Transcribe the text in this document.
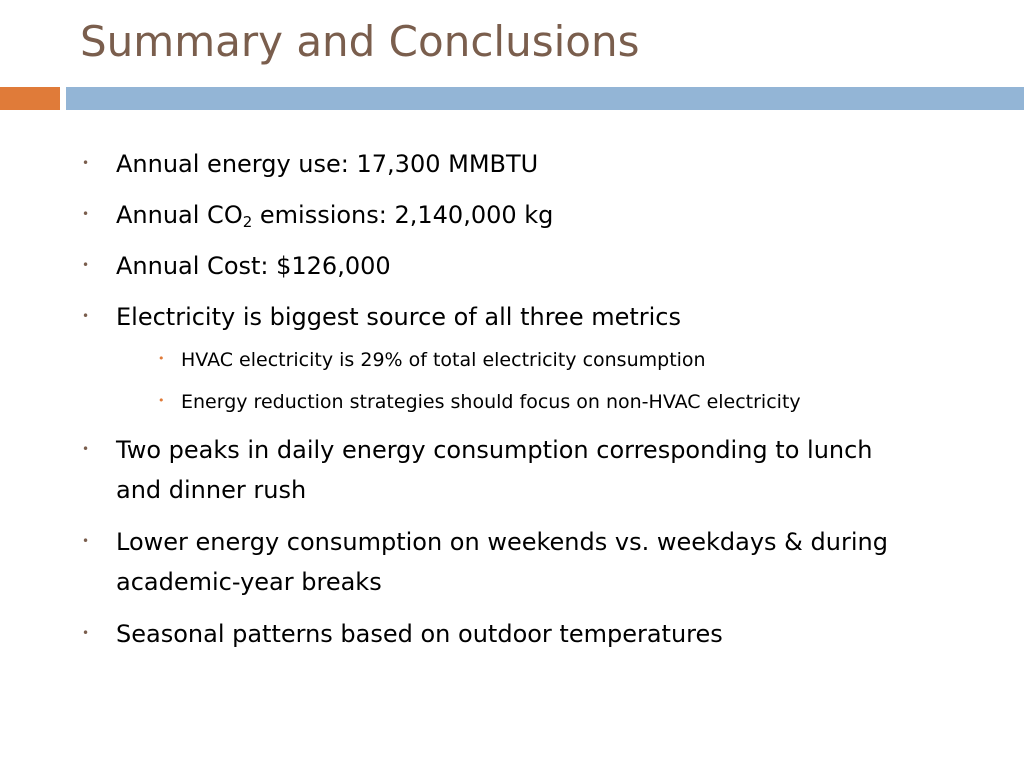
Summary and Conclusions
• Annual energy use: 17,300 MMBTU
• Annual $CO_2$ emissions: 2,140,000 kg
• Annual Cost: $126,000
• Electricity is biggest source of all three metrics
• HVAC electricity is 29% of total electricity consumption
• Energy reduction strategies should focus on non-HVAC electricity
• Two peaks in daily energy consumption corresponding to lunch
and dinner rush
• Lower energy consumption on weekends vs. weekdays & during
academic-year breaks
• Seasonal patterns based on outdoor temperatures
